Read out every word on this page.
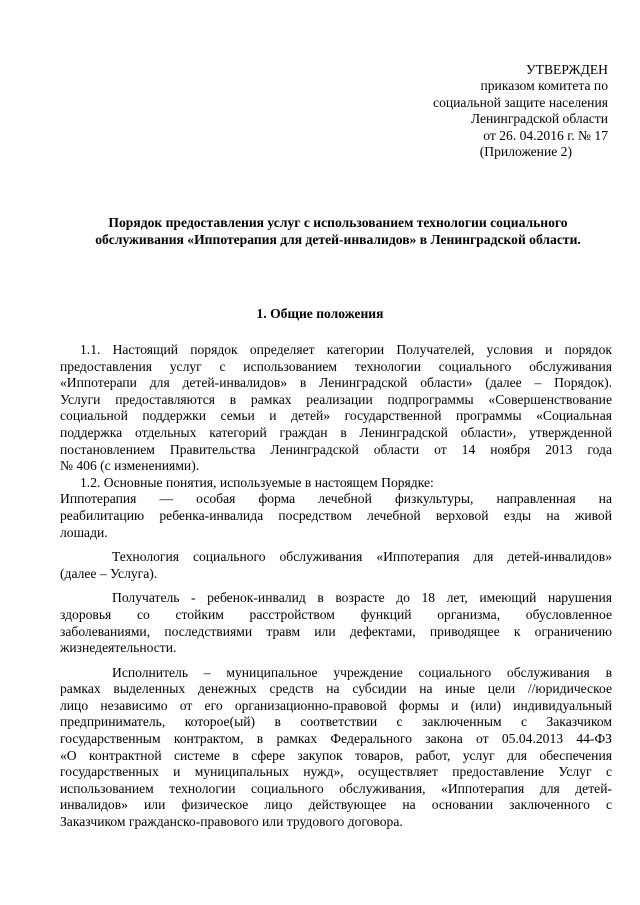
УТВЕРЖДЕН
приказом комитета по
социальной защите населения
Ленинградской области
от 26. 04.2016 г. № 17
(Приложение 2)
Порядок предоставления услуг с использованием технологии социального
обслуживания «Иппотерапия для детей-инвалидов» в Ленинградской области.
1. Общие положения
1.1. Настоящий порядок определяет категории Получателей, условия и порядок
предоставления услуг с использованием технологии социального обслуживания
«Иппотерапи для детей-инвалидов» в Ленинградской области» (далее – Порядок).
Услуги предоставляются в рамках реализации подпрограммы «Совершенствование
социальной поддержки семьи и детей» государственной программы «Социальная
поддержка отдельных категорий граждан в Ленинградской области», утвержденной
постановлением Правительства Ленинградской области от 14 ноября 2013 года
№ 406 (с изменениями).
1.2. Основные понятия, используемые в настоящем Порядке:
Иппотерапия — особая форма лечебной физкультуры, направленная на
реабилитацию ребенка-инвалида посредством лечебной верховой езды на живой
лошади.
Технология социального обслуживания «Иппотерапия для детей-инвалидов»
(далее – Услуга).
Получатель - ребенок-инвалид в возрасте до 18 лет, имеющий нарушения
здоровья со стойким расстройством функций организма, обусловленное
заболеваниями, последствиями травм или дефектами, приводящее к ограничению
жизнедеятельности.
Исполнитель – муниципальное учреждение социального обслуживания в
рамках выделенных денежных средств на субсидии на иные цели //юридическое
лицо независимо от его организационно-правовой формы и (или) индивидуальный
предприниматель, которое(ый) в соответствии с заключенным с Заказчиком
государственным контрактом, в рамках Федерального закона от 05.04.2013 44-ФЗ
«О контрактной системе в сфере закупок товаров, работ, услуг для обеспечения
государственных и муниципальных нужд», осуществляет предоставление Услуг с
использованием технологии социального обслуживания, «Иппотерапия для детей-
инвалидов» или физическое лицо действующее на основании заключенного с
Заказчиком гражданско-правового или трудового договора.
